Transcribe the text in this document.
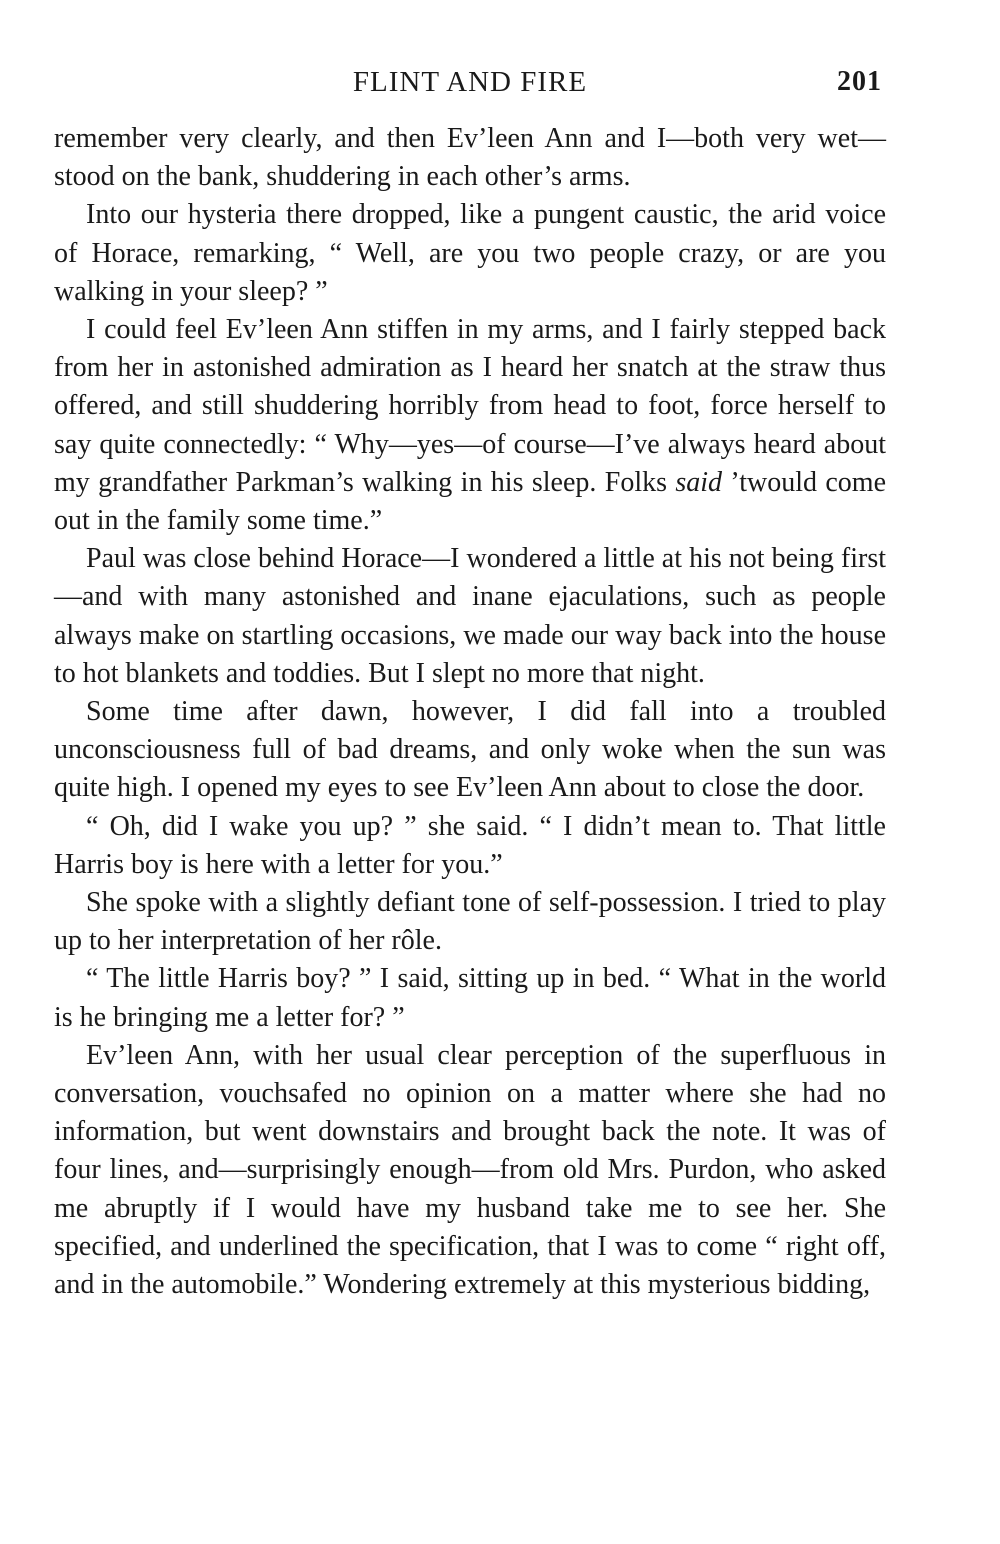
FLINT AND FIRE	201

remember very clearly, and then Ev’leen Ann and I—both very wet—stood on the bank, shuddering in each other’s arms.

Into our hysteria there dropped, like a pungent caustic, the arid voice of Horace, remarking, “ Well, are you two people crazy, or are you walking in your sleep? ”

I could feel Ev’leen Ann stiffen in my arms, and I fairly stepped back from her in astonished admiration as I heard her snatch at the straw thus offered, and still shuddering horribly from head to foot, force herself to say quite connectedly: “ Why—yes—of course—I’ve always heard about my grandfather Parkman’s walking in his sleep. Folks said ’twould come out in the family some time.”

Paul was close behind Horace—I wondered a little at his not being first—and with many astonished and inane ejaculations, such as people always make on startling occasions, we made our way back into the house to hot blankets and toddies. But I slept no more that night.

Some time after dawn, however, I did fall into a troubled unconsciousness full of bad dreams, and only woke when the sun was quite high. I opened my eyes to see Ev’leen Ann about to close the door.

“ Oh, did I wake you up? ” she said. “ I didn’t mean to. That little Harris boy is here with a letter for you.”

She spoke with a slightly defiant tone of self-possession. I tried to play up to her interpretation of her rôle.

“ The little Harris boy? ” I said, sitting up in bed. “ What in the world is he bringing me a letter for? ”

Ev’leen Ann, with her usual clear perception of the superfluous in conversation, vouchsafed no opinion on a matter where she had no information, but went downstairs and brought back the note. It was of four lines, and—surprisingly enough—from old Mrs. Purdon, who asked me abruptly if I would have my husband take me to see her. She specified, and underlined the specification, that I was to come “ right off, and in the automobile.” Wondering extremely at this mysterious bidding,
